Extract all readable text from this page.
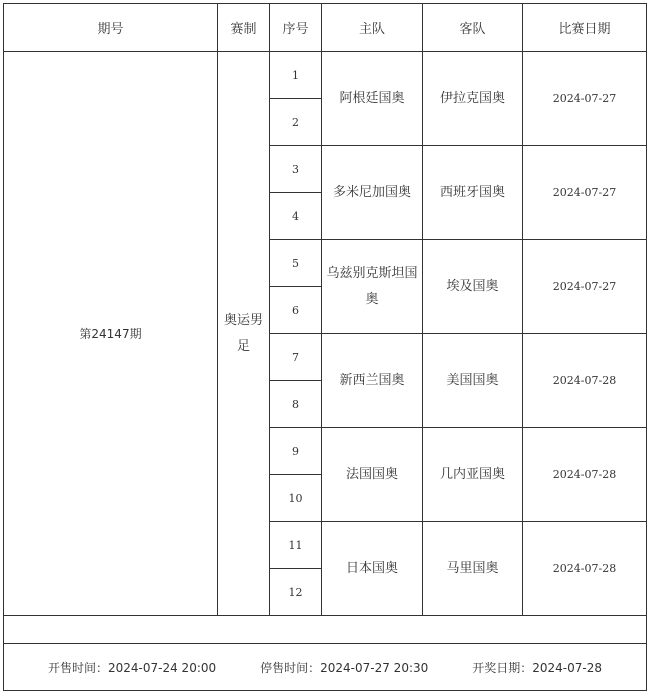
期号	赛制	序号	主队	客队	比赛日期
第24147期	奥运男足	1	阿根廷国奥	伊拉克国奥	2024-07-27
		2			
		3	多米尼加国奥	西班牙国奥	2024-07-27
		4			
		5	乌兹别克斯坦国奥	埃及国奥	2024-07-27
		6			
		7	新西兰国奥	美国国奥	2024-07-28
		8			
		9	法国国奥	几内亚国奥	2024-07-28
		10			
		11	日本国奥	马里国奥	2024-07-28
		12			

开售时间：2024-07-24 20:00 停售时间：2024-07-27 20:30 开奖日期：2024-07-28					
